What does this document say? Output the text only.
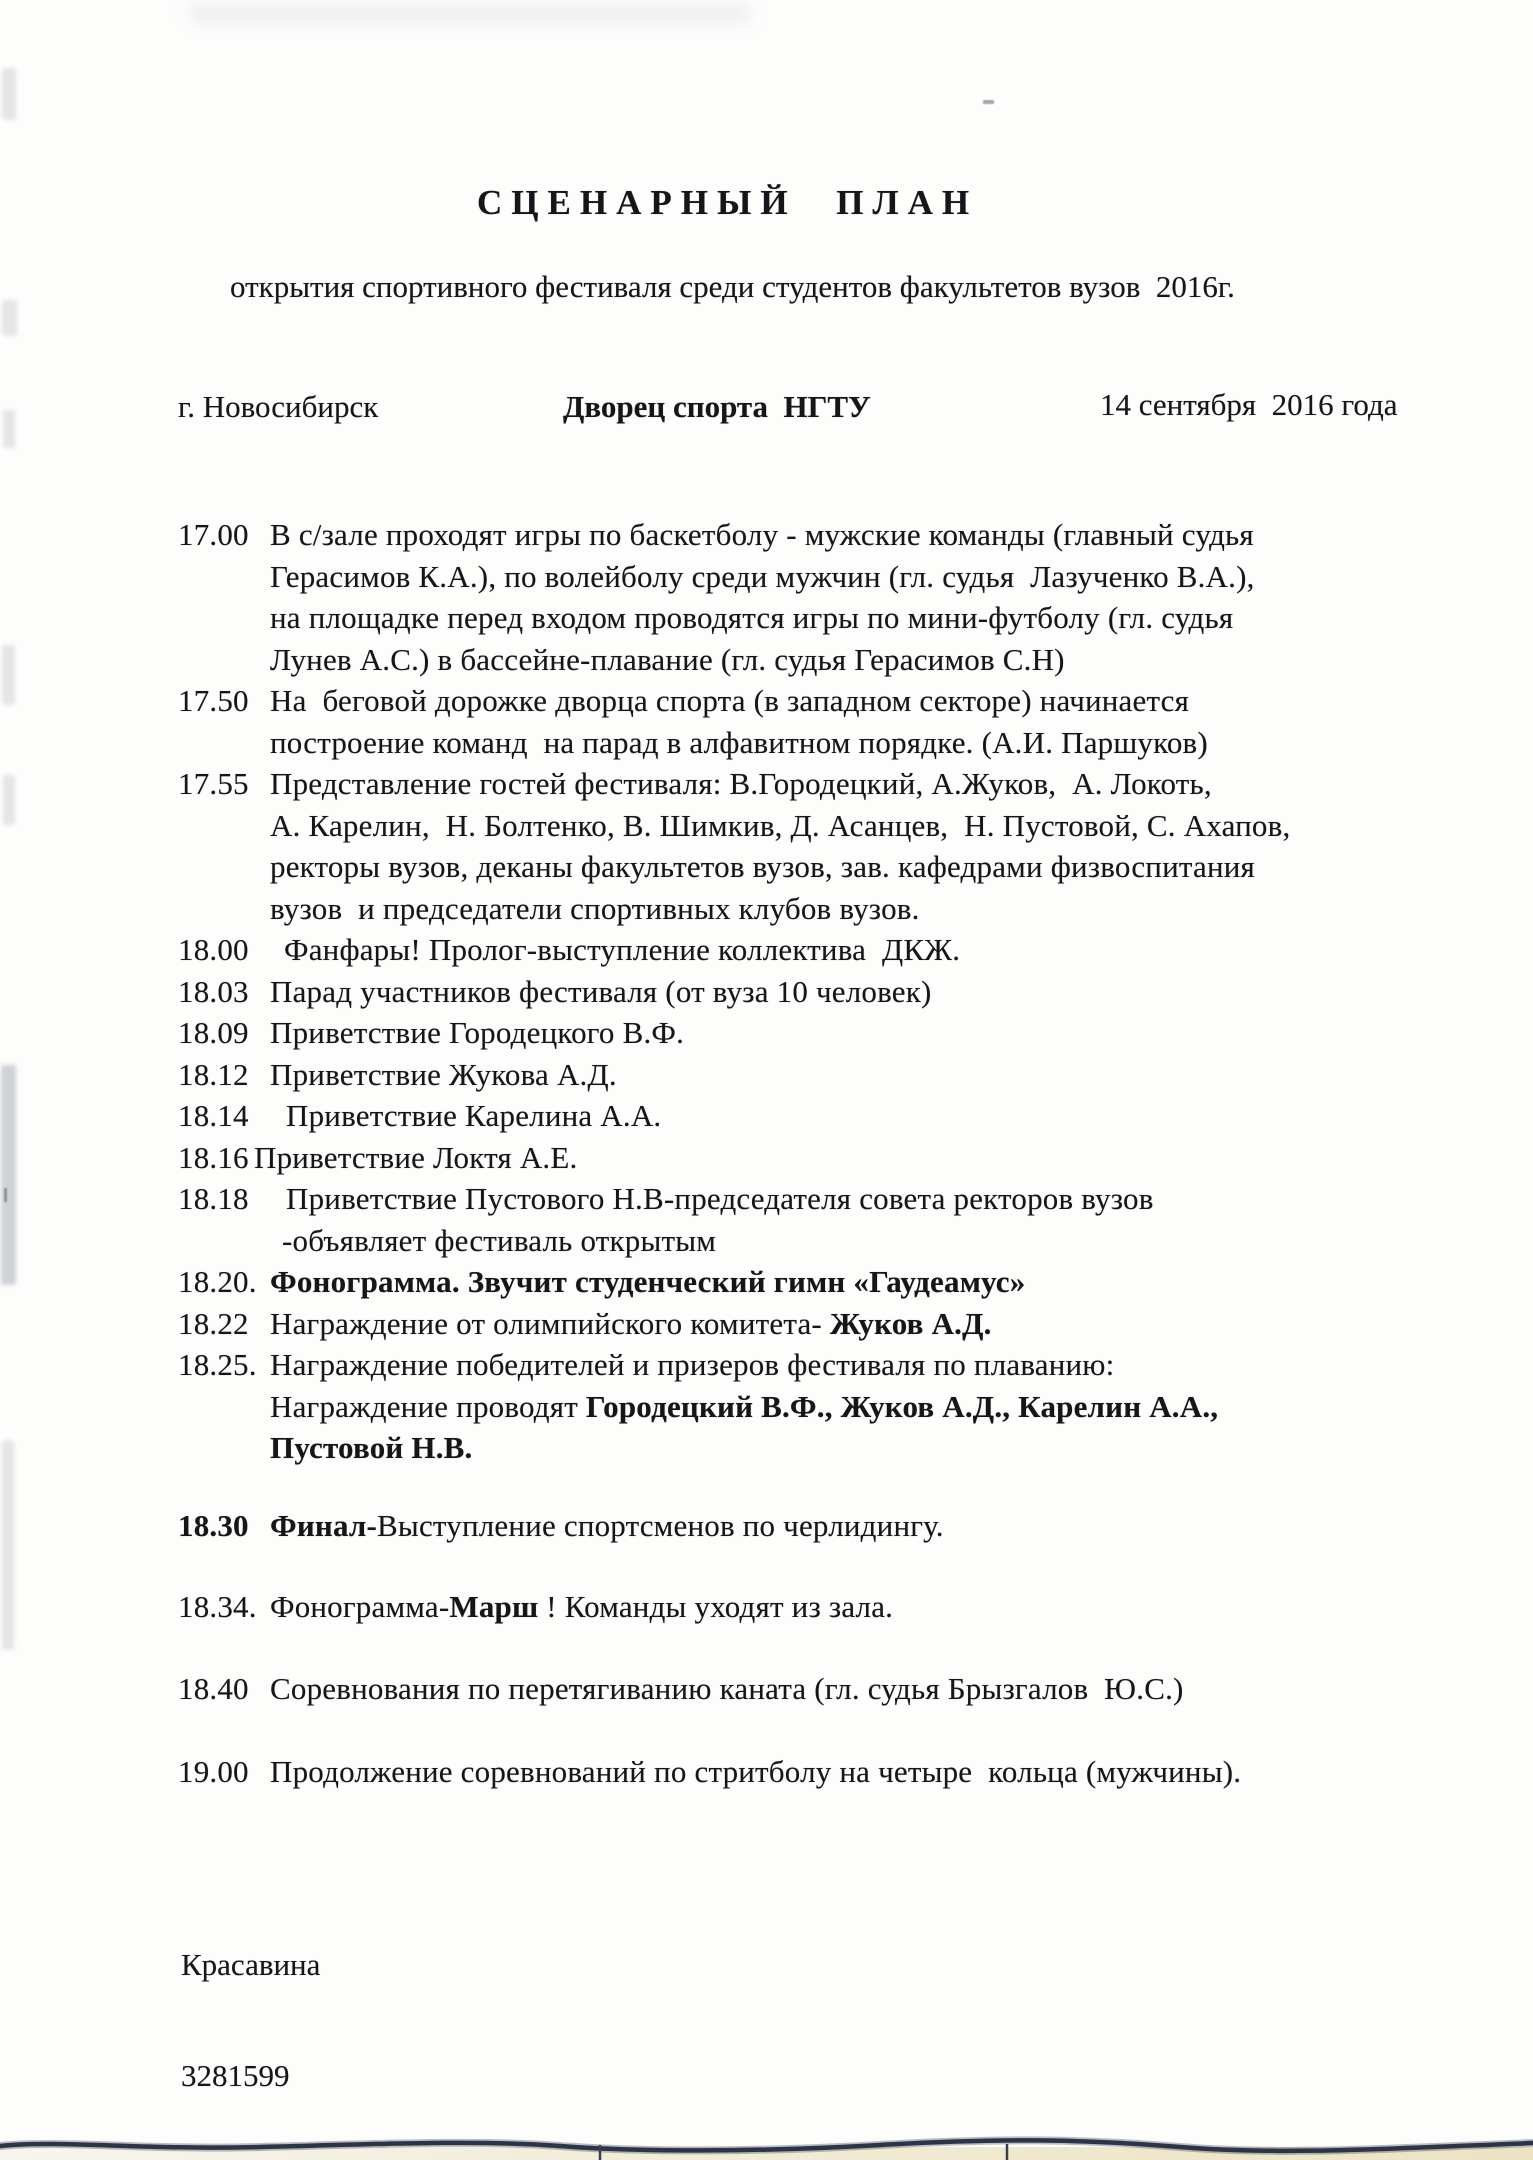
СЦЕНАРНЫЙ ПЛАН
открытия спортивного фестиваля среди студентов факультетов вузов  2016г.
г. Новосибирск	Дворец спорта  НГТУ	14 сентября  2016 года
17.00 В с/зале проходят игры по баскетболу - мужские команды (главный судья
Герасимов К.А.), по волейболу среди мужчин (гл. судья  Лазученко В.А.),
на площадке перед входом проводятся игры по мини-футболу (гл. судья
Лунев А.С.) в бассейне-плавание (гл. судья Герасимов С.Н)
17.50 На  беговой дорожке дворца спорта (в западном секторе) начинается
построение команд  на парад в алфавитном порядке. (А.И. Паршуков)
17.55 Представление гостей фестиваля: В.Городецкий, А.Жуков,  А. Локоть,
А. Карелин,  Н. Болтенко, В. Шимкив, Д. Асанцев,  Н. Пустовой, С. Ахапов,
ректоры вузов, деканы факультетов вузов, зав. кафедрами физвоспитания
вузов  и председатели спортивных клубов вузов.
18.00	Фанфары! Пролог-выступление коллектива  ДКЖ.
18.03 Парад участников фестиваля (от вуза 10 человек)
18.09 Приветствие Городецкого В.Ф.
18.12 Приветствие Жукова А.Д.
18.14	Приветствие Карелина А.А.
18.16 Приветствие Локтя А.Е.
18.18	Приветствие Пустового Н.В-председателя совета ректоров вузов
-объявляет фестиваль открытым
18.20. Фонограмма. Звучит студенческий гимн «Гаудеамус»
18.22 Награждение от олимпийского комитета- Жуков А.Д.
18.25. Награждение победителей и призеров фестиваля по плаванию:
Награждение проводят Городецкий В.Ф., Жуков А.Д., Карелин А.А.,
Пустовой Н.В.
18.30 Финал-Выступление спортсменов по черлидингу.
18.34. Фонограмма-Марш ! Команды уходят из зала.
18.40 Соревнования по перетягиванию каната (гл. судья Брызгалов  Ю.С.)
19.00 Продолжение соревнований по стритболу на четыре  кольца (мужчины).

Красавина

3281599
